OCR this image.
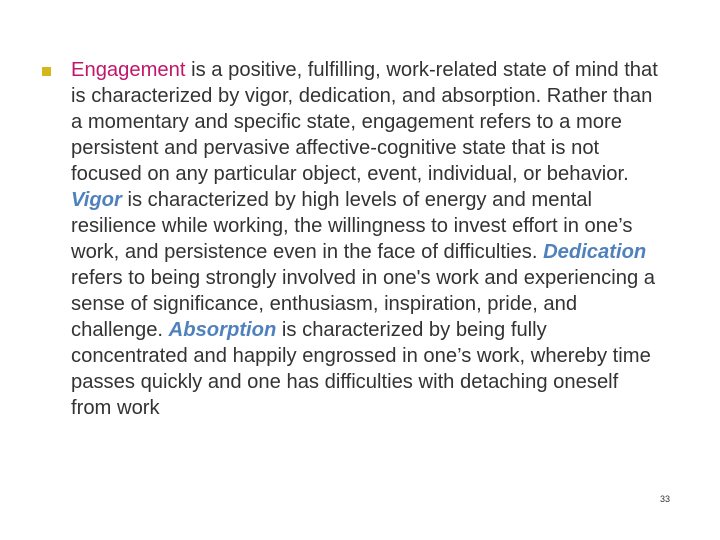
Engagement is a positive, fulfilling, work-related state of mind that is characterized by vigor, dedication, and absorption. Rather than a momentary and specific state, engagement refers to a more persistent and pervasive affective-cognitive state that is not focused on any particular object, event, individual, or behavior. Vigor is characterized by high levels of energy and mental resilience while working, the willingness to invest effort in one’s work, and persistence even in the face of difficulties. Dedication refers to being strongly involved in one's work and experiencing a sense of significance, enthusiasm, inspiration, pride, and challenge. Absorption is characterized by being fully concentrated and happily engrossed in one’s work, whereby time passes quickly and one has difficulties with detaching oneself from work

33
